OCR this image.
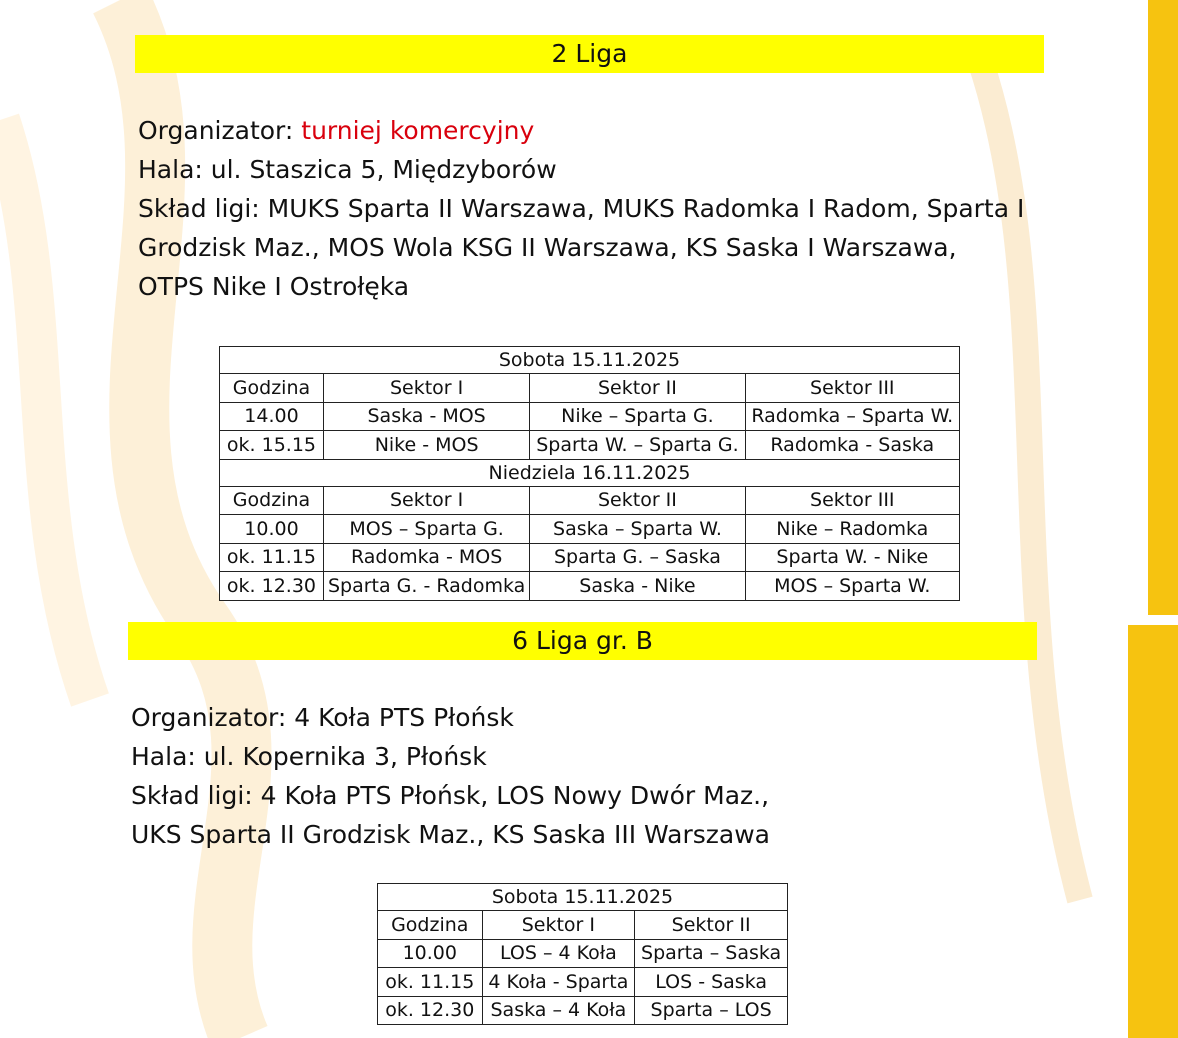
2 Liga

Organizator: turniej komercyjny

Hala: ul. Staszica 5, Międzyborów

Skład ligi: MUKS Sparta II Warszawa, MUKS Radomka I Radom, Sparta I

Grodzisk Maz., MOS Wola KSG II Warszawa, KS Saska I Warszawa,

OTPS Nike I Ostrołęka

Sobota 15.11.2025			
Godzina	Sektor I	Sektor II	Sektor III
14.00	Saska - MOS	Nike – Sparta G.	Radomka – Sparta W.
ok. 15.15	Nike - MOS	Sparta W. – Sparta G.	Radomka - Saska
Niedziela 16.11.2025			
Godzina	Sektor I	Sektor II	Sektor III
10.00	MOS – Sparta G.	Saska – Sparta W.	Nike – Radomka
ok. 11.15	Radomka - MOS	Sparta G. – Saska	Sparta W. - Nike
ok. 12.30	Sparta G. - Radomka	Saska - Nike	MOS – Sparta W.
6 Liga gr. B

Organizator: 4 Koła PTS Płońsk

Hala: ul. Kopernika 3, Płońsk

Skład ligi: 4 Koła PTS Płońsk, LOS Nowy Dwór Maz.,

UKS Sparta II Grodzisk Maz., KS Saska III Warszawa

Sobota 15.11.2025		
Godzina	Sektor I	Sektor II
10.00	LOS – 4 Koła	Sparta – Saska
ok. 11.15	4 Koła - Sparta	LOS - Saska
ok. 12.30	Saska – 4 Koła	Sparta – LOS
